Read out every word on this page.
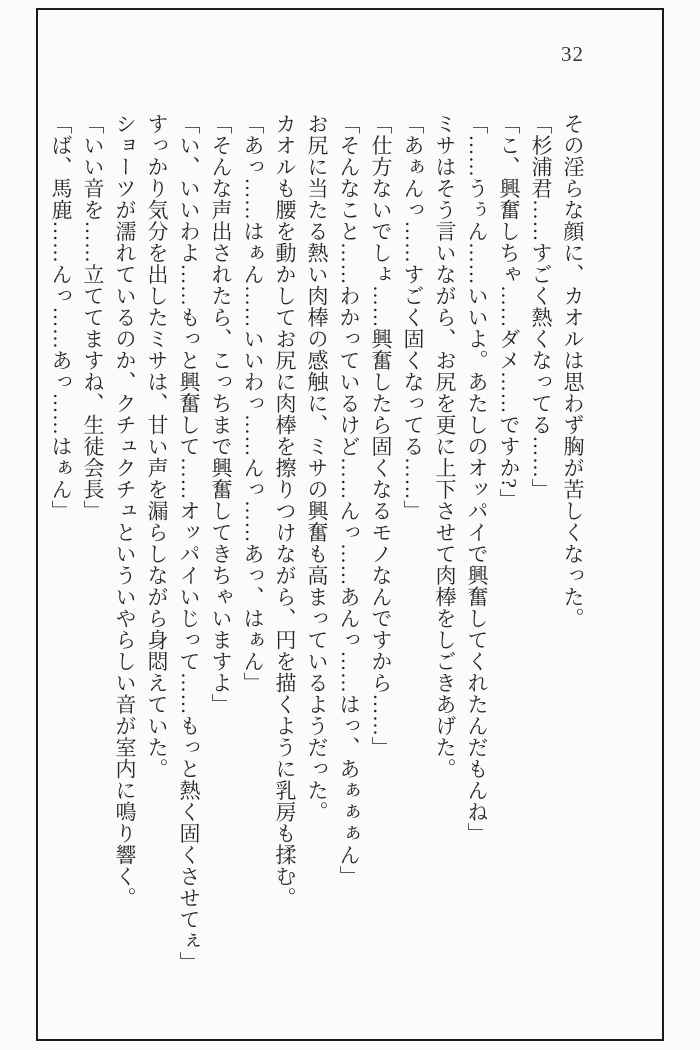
32

その淫らな顔に、カオルは思わず胸が苦しくなった。

「杉浦君……すごく熱くなってる……」

「こ、興奮しちゃ……ダメ……ですか?」

「……うぅん……いいよ。あたしのオッパイで興奮してくれたんだもんね」

ミサはそう言いながら、お尻を更に上下させて肉棒をしごきあげた。

「あぁんっ……すごく固くなってる……」

「仕方ないでしょ……興奮したら固くなるモノなんですから……」

「そんなこと……わかっているけど……んっ……あんっ……はっ、あぁぁぁん」

お尻に当たる熱い肉棒の感触に、ミサの興奮も高まっているようだった。

カオルも腰を動かしてお尻に肉棒を擦りつけながら、円を描くように乳房も揉む。

「あっ……はぁん……いいわっ……んっ……あっ、はぁん」

「そんな声出されたら、こっちまで興奮してきちゃいますよ」

「い、いいわよ……もっと興奮して……オッパイいじって……もっと熱く固くさせてぇ」

すっかり気分を出したミサは、甘い声を漏らしながら身悶えていた。

ショーツが濡れているのか、クチュクチュといういやらしい音が室内に鳴り響く。

「いい音を……立ててますね、生徒会長」

「ば、馬鹿……んっ……あっ……はぁん」
